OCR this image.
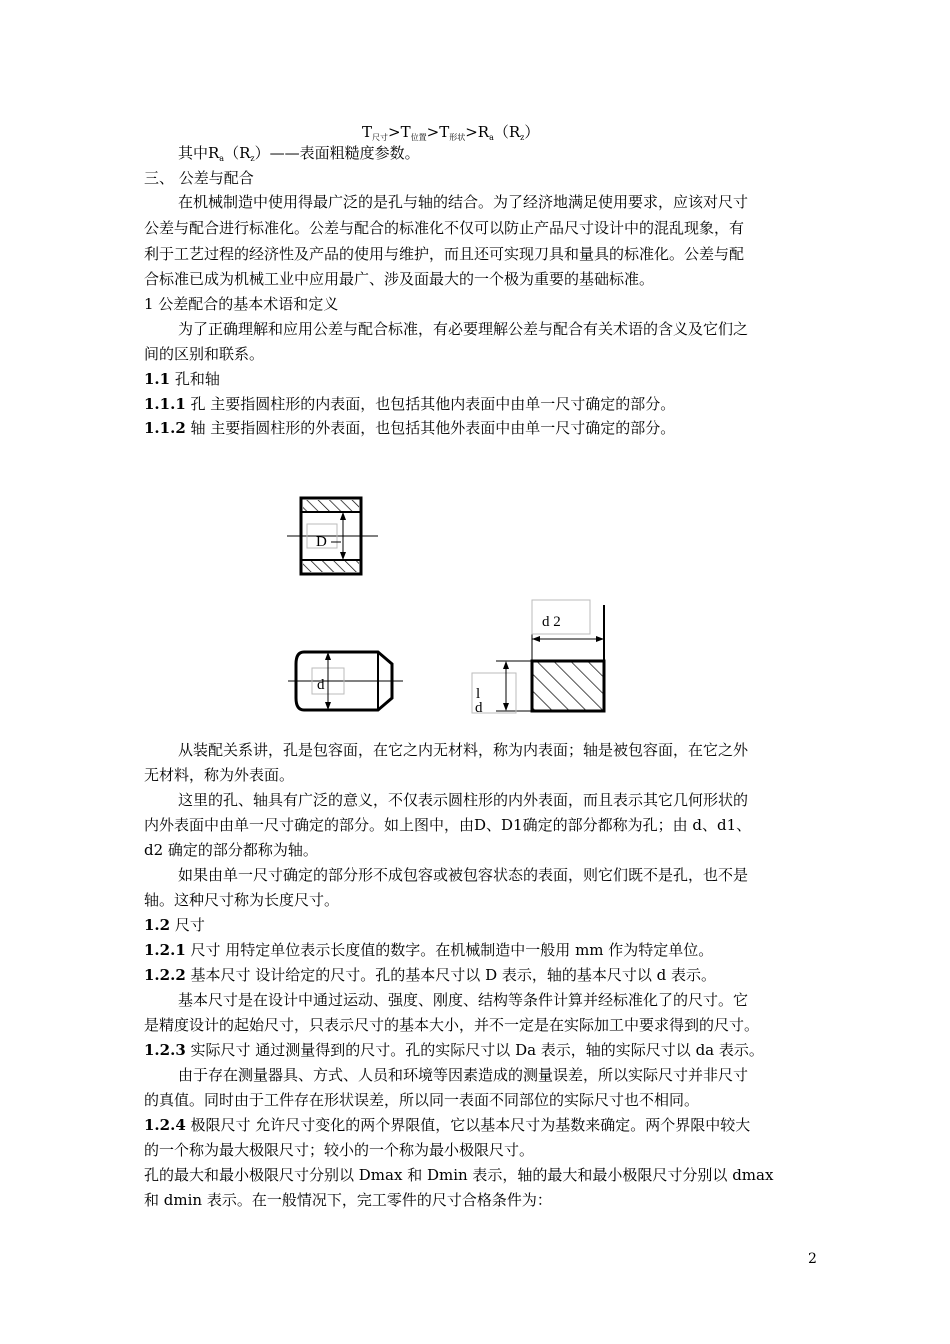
$T_{尺寸}>T_{位置}>T_{形状}>R_a(R_z)$
其中$R_a(R_z)——$表面粗糙度参数。
三、 公差与配合
在机械制造中使用得最广泛的是孔与轴的结合。为了经济地满足使用要求，应该对尺寸
公差与配合进行标准化。公差与配合的标准化不仅可以防止产品尺寸设计中的混乱现象，有
利于工艺过程的经济性及产品的使用与维护，而且还可实现刀具和量具的标准化。公差与配
合标准已成为机械工业中应用最广、涉及面最大的一个极为重要的基础标准。
1 公差配合的基本术语和定义
为了正确理解和应用公差与配合标准，有必要理解公差与配合有关术语的含义及它们之
间的区别和联系。
1.1 孔和轴
1.1.1 孔 主要指圆柱形的内表面，也包括其他内表面中由单一尺寸确定的部分。
1.1.2 轴 主要指圆柱形的外表面，也包括其他外表面中由单一尺寸确定的部分。
D
d
d 2
l
d
从装配关系讲，孔是包容面，在它之内无材料，称为内表面；轴是被包容面，在它之外
无材料，称为外表面。
这里的孔、轴具有广泛的意义，不仅表示圆柱形的内外表面，而且表示其它几何形状的
内外表面中由单一尺寸确定的部分。如上图中，由D、D1确定的部分都称为孔；由 d、d1、
d2 确定的部分都称为轴。
如果由单一尺寸确定的部分形不成包容或被包容状态的表面，则它们既不是孔，也不是
轴。这种尺寸称为长度尺寸。
1.2 尺寸
1.2.1 尺寸 用特定单位表示长度值的数字。在机械制造中一般用 mm 作为特定单位。
1.2.2 基本尺寸 设计给定的尺寸。孔的基本尺寸以 D 表示，轴的基本尺寸以 d 表示。
基本尺寸是在设计中通过运动、强度、刚度、结构等条件计算并经标准化了的尺寸。它
是精度设计的起始尺寸，只表示尺寸的基本大小，并不一定是在实际加工中要求得到的尺寸。
1.2.3 实际尺寸 通过测量得到的尺寸。孔的实际尺寸以 Da 表示，轴的实际尺寸以 da 表示。
由于存在测量器具、方式、人员和环境等因素造成的测量误差，所以实际尺寸并非尺寸
的真值。同时由于工件存在形状误差，所以同一表面不同部位的实际尺寸也不相同。
1.2.4 极限尺寸 允许尺寸变化的两个界限值，它以基本尺寸为基数来确定。两个界限中较大
的一个称为最大极限尺寸；较小的一个称为最小极限尺寸。
孔的最大和最小极限尺寸分别以 Dmax 和 Dmin 表示，轴的最大和最小极限尺寸分别以 dmax
和 dmin 表示。在一般情况下，完工零件的尺寸合格条件为：
2
